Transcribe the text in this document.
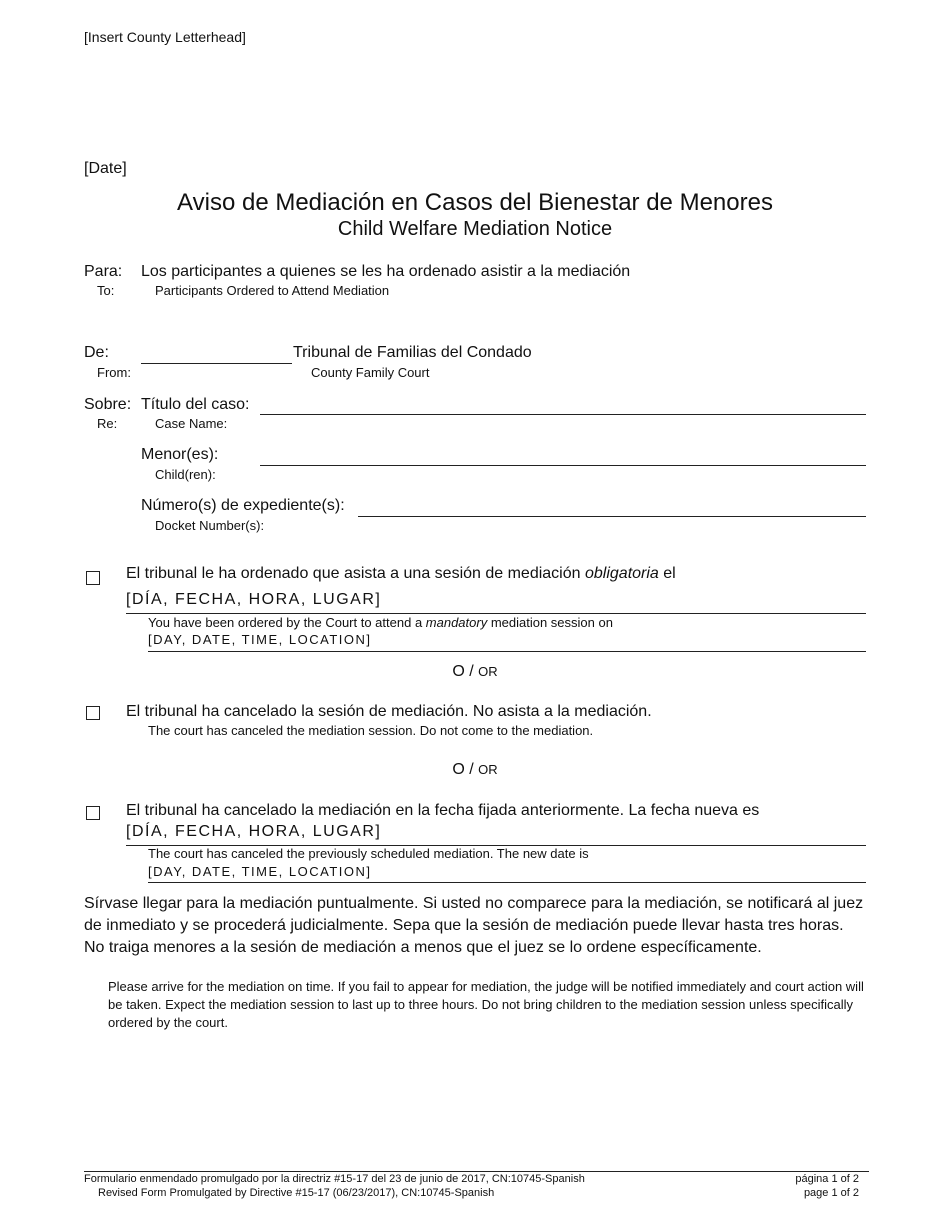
[Insert County Letterhead]
[Date]
Aviso de Mediación en Casos del Bienestar de Menores
Child Welfare Mediation Notice
Para: Los participantes a quienes se les ha ordenado asistir a la mediación
To:	Participants Ordered to Attend Mediation
De:	Tribunal de Familias del Condado
From:	County Family Court
Sobre: Título del caso:
Re:	Case Name:
Menor(es):
Child(ren):
Número(s) de expediente(s):
Docket Number(s):
El tribunal le ha ordenado que asista a una sesión de mediación obligatoria el
[DÍA, FECHA, HORA, LUGAR]
You have been ordered by the Court to attend a mandatory mediation session on
[DAY, DATE, TIME, LOCATION]
O / OR
El tribunal ha cancelado la sesión de mediación. No asista a la mediación.
The court has canceled the mediation session. Do not come to the mediation.
O / OR
El tribunal ha cancelado la mediación en la fecha fijada anteriormente. La fecha nueva es
[DÍA, FECHA, HORA, LUGAR]
The court has canceled the previously scheduled mediation. The new date is
[DAY, DATE, TIME, LOCATION]
Sírvase llegar para la mediación puntualmente. Si usted no comparece para la mediación, se notificará al juez de inmediato y se procederá judicialmente. Sepa que la sesión de mediación puede llevar hasta tres horas. No traiga menores a la sesión de mediación a menos que el juez se lo ordene específicamente.
Please arrive for the mediation on time. If you fail to appear for mediation, the judge will be notified immediately and court action will be taken. Expect the mediation session to last up to three hours. Do not bring children to the mediation session unless specifically ordered by the court.
Formulario enmendado promulgado por la directriz #15-17 del 23 de junio de 2017, CN:10745-Spanish
Revised Form Promulgated by Directive #15-17 (06/23/2017), CN:10745-Spanish
página 1 of 2
page 1 of 2
